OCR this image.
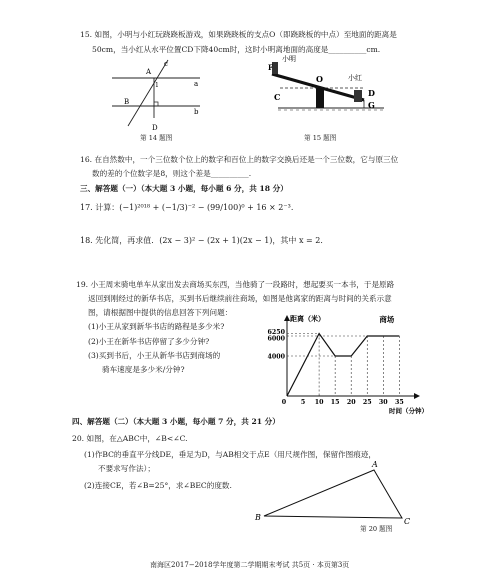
15. 如图，小明与小红玩跷跷板游戏，如果跷跷板的支点O（即跷跷板的中点）至地面的距离是
50cm，当小红从水平位置CD下降40cm时，这时小明离地面的高度是__________cm.
c
A
a
1
B
b
D
第 14 题图
小明
F
O	小红
C	D
G
第 15 题图
16. 在自然数中，一个三位数个位上的数字和百位上的数字交换后还是一个三位数，它与原三位
数的差的个位数字是8，则这个差是__________.
三、解答题（一）（本大题 3 小题，每小题 6 分，共 18 分）
17. 计算：(−1)²⁰¹⁸ + (−1/3)⁻² − (99/100)⁰ + 16 × 2⁻³.
18. 先化简，再求值．(2x − 3)² − (2x + 1)(2x − 1)，其中 x = 2．
19. 小王周末骑电单车从家出发去商场买东西，当他骑了一段路时，想起要买一本书，于是原路
返回到刚经过的新华书店，买到书后继续前往商场，如图是他离家的距离与时间的关系示意
图，请根据图中提供的信息回答下列问题：
(1)小王从家到新华书店的路程是多少米?
(2)小王在新华书店停留了多少分钟?
(3)买到书后，小王从新华书店到商场的
骑车速度是多少米/分钟?
4000
6000
6250
0 5 10 15 20 25 30 35
距离（米）
时间（分钟）
商场
四、解答题（二）（本大题 3 小题，每小题 7 分，共 21 分）
20. 如图，在△ABC中，∠B<∠C.
(1)作BC的垂直平分线DE，垂足为D，与AB相交于点E（用尺规作图，保留作图痕迹，
不要求写作法）；
(2)连接CE，若∠B=25°，求∠BEC的度数.
A
B	C
第 20 题图
南海区2017−2018学年度第二学期期末考试 共5页 · 本页第3页
